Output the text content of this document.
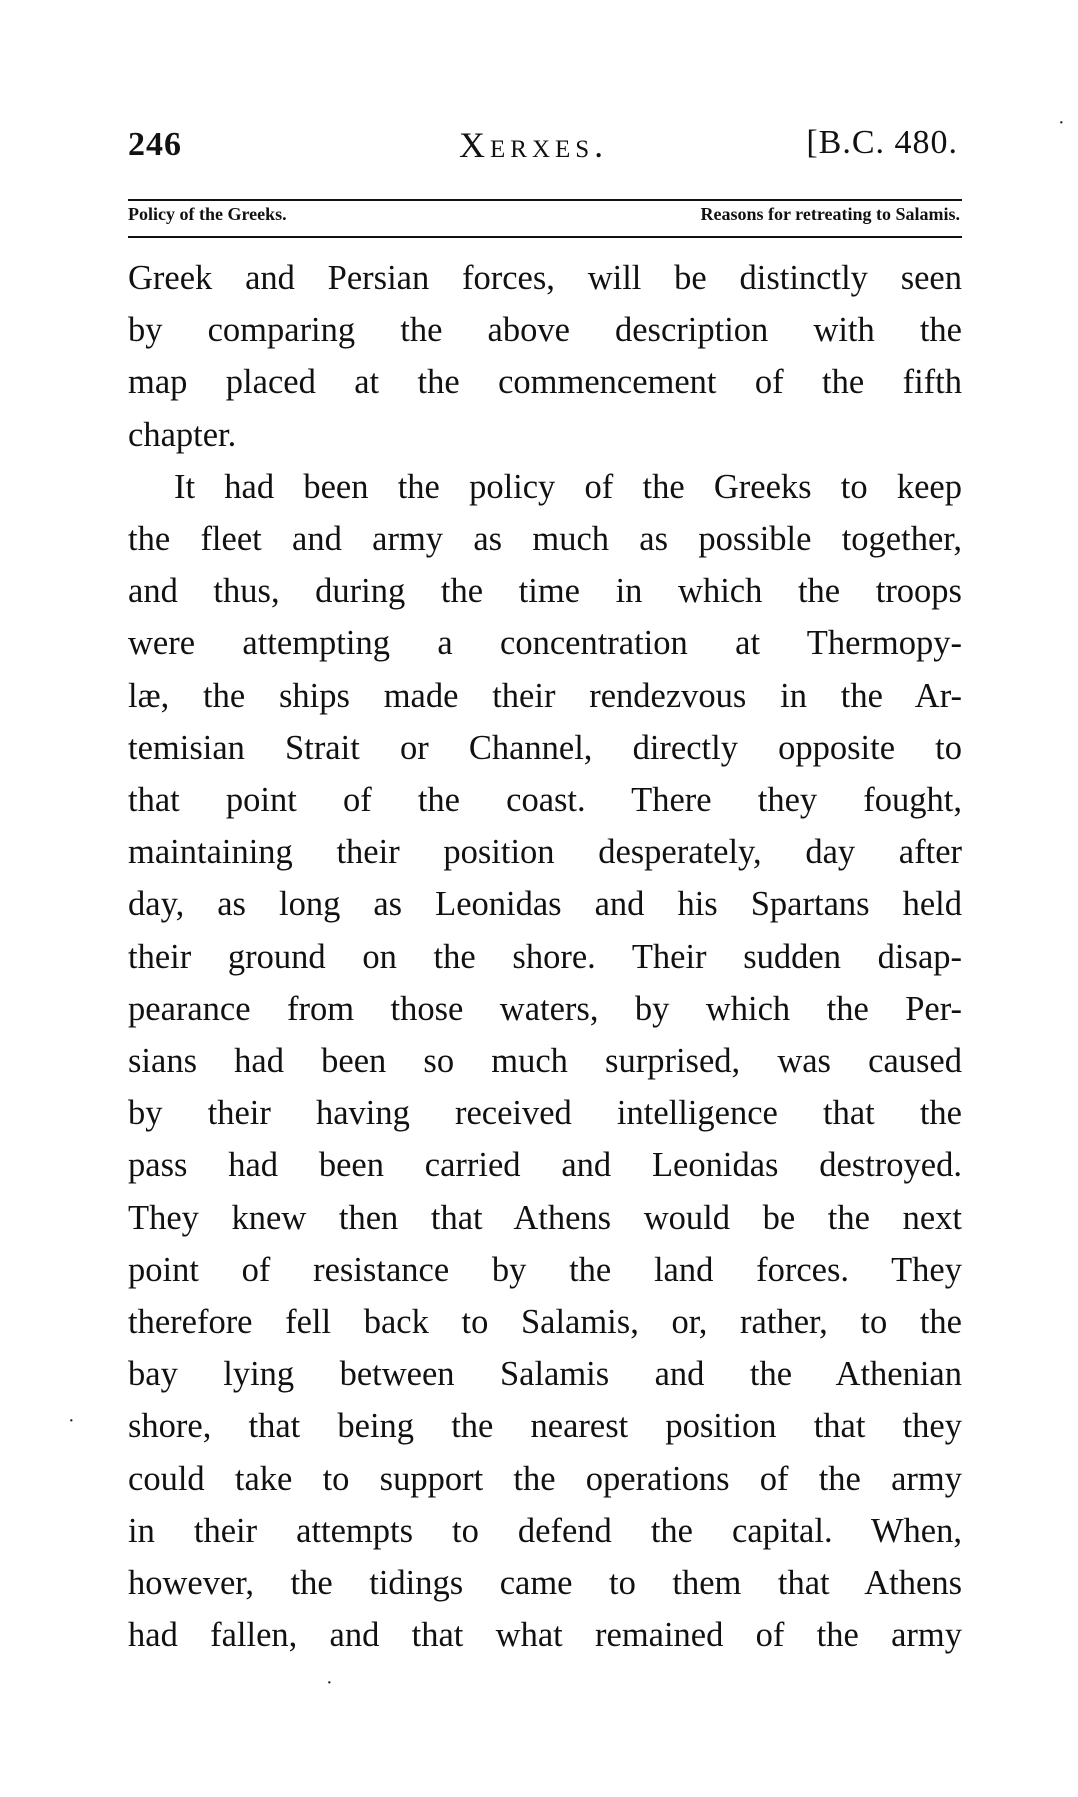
246	Xerxes.	[B.C. 480.
Policy of the Greeks.	Reasons for retreating to Salamis.
Greek and Persian forces, will be distinctly seen
by comparing the above description with the
map placed at the commencement of the fifth
chapter.
It had been the policy of the Greeks to keep
the fleet and army as much as possible together,
and thus, during the time in which the troops
were attempting a concentration at Thermopy-
læ, the ships made their rendezvous in the Ar-
temisian Strait or Channel, directly opposite to
that point of the coast. There they fought,
maintaining their position desperately, day after
day, as long as Leonidas and his Spartans held
their ground on the shore. Their sudden disap-
pearance from those waters, by which the Per-
sians had been so much surprised, was caused
by their having received intelligence that the
pass had been carried and Leonidas destroyed.
They knew then that Athens would be the next
point of resistance by the land forces. They
therefore fell back to Salamis, or, rather, to the
bay lying between Salamis and the Athenian
shore, that being the nearest position that they
could take to support the operations of the army
in their attempts to defend the capital. When,
however, the tidings came to them that Athens
had fallen, and that what remained of the army
·
·
·
